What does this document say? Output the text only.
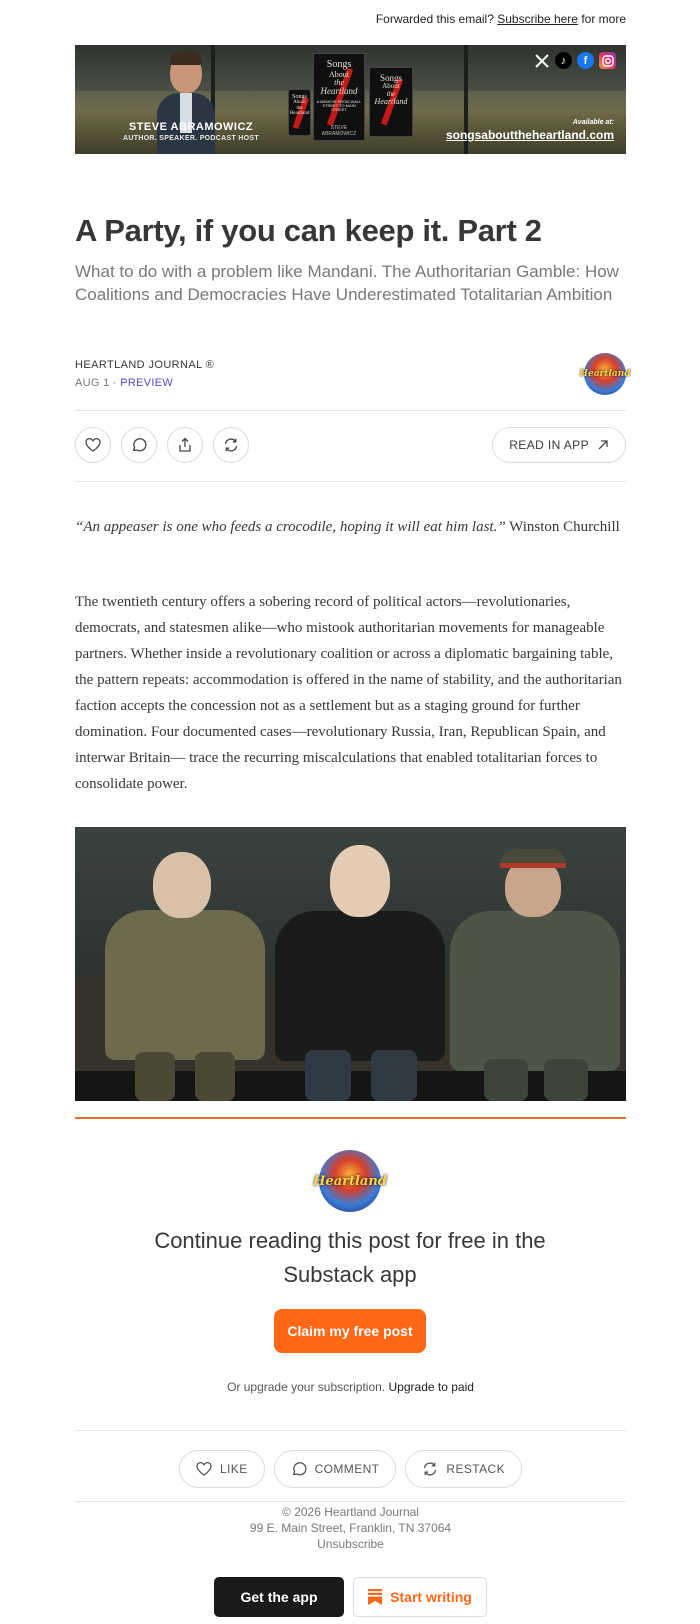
Forwarded this email? Subscribe here for more
STEVE ABRAMOWICZ
AUTHOR. SPEAKER. PODCAST HOST
Songs
About
the
Heartland
Songs
About
the
Heartland
A MEMOIR FROM WALL STREET TO MAIN STREET
STEVE ABRAMOWICZ
Songs
About
the
Heartland
♪	f
Available at:
songsabouttheheartland.com
A Party, if you can keep it. Part 2

What to do with a problem like Mandani. The Authoritarian Gamble: How Coalitions and Democracies Have Underestimated Totalitarian Ambition

HEARTLAND JOURNAL ®
AUG 1 · PREVIEW
Heartland
READ IN APP

“An appeaser is one who feeds a crocodile, hoping it will eat him last.” Winston Churchill

The twentieth century offers a sobering record of political actors—revolutionaries, democrats, and statesmen alike—who mistook authoritarian movements for manageable partners. Whether inside a revolutionary coalition or across a diplomatic bargaining table, the pattern repeats: accommodation is offered in the name of stability, and the authoritarian faction accepts the concession not as a settlement but as a staging ground for further domination. Four documented cases—revolutionary Russia, Iran, Republican Spain, and interwar Britain— trace the recurring miscalculations that enabled totalitarian forces to consolidate power.

Heartland
Continue reading this post for free in the Substack app
Claim my free post
Or upgrade your subscription. Upgrade to paid
LIKE	COMMENT	RESTACK
© 2026 Heartland Journal
99 E. Main Street, Franklin, TN 37064
Unsubscribe
Get the app	Start writing
